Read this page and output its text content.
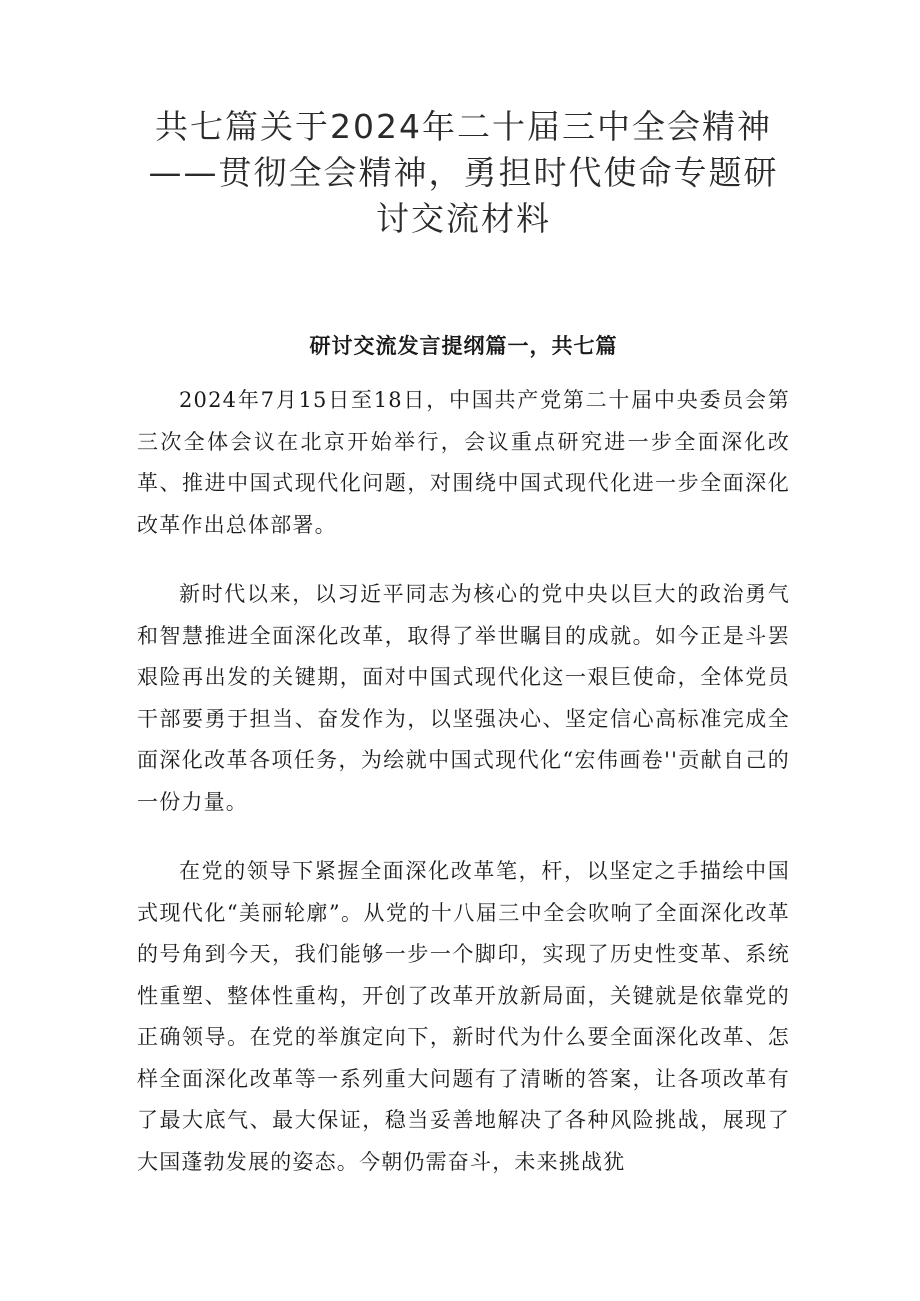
共七篇关于2024年二十届三中全会精神——贯彻全会精神，勇担时代使命专题研讨交流材料
研讨交流发言提纲篇一，共七篇

2024年7月15日至18日，中国共产党第二十届中央委员会第三次全体会议在北京开始举行，会议重点研究进一步全面深化改革、推进中国式现代化问题，对围绕中国式现代化进一步全面深化改革作出总体部署。

新时代以来，以习近平同志为核心的党中央以巨大的政治勇气和智慧推进全面深化改革，取得了举世瞩目的成就。如今正是斗罢艰险再出发的关键期，面对中国式现代化这一艰巨使命，全体党员干部要勇于担当、奋发作为，以坚强决心、坚定信心高标准完成全面深化改革各项任务，为绘就中国式现代化“宏伟画卷''贡献自己的一份力量。

在党的领导下紧握全面深化改革笔，杆，以坚定之手描绘中国式现代化“美丽轮廓”。从党的十八届三中全会吹响了全面深化改革的号角到今天，我们能够一步一个脚印，实现了历史性变革、系统性重塑、整体性重构，开创了改革开放新局面，关键就是依靠党的正确领导。在党的举旗定向下，新时代为什么要全面深化改革、怎样全面深化改革等一系列重大问题有了清晰的答案，让各项改革有了最大底气、最大保证，稳当妥善地解决了各种风险挑战，展现了大国蓬勃发展的姿态。今朝仍需奋斗，未来挑战犹
